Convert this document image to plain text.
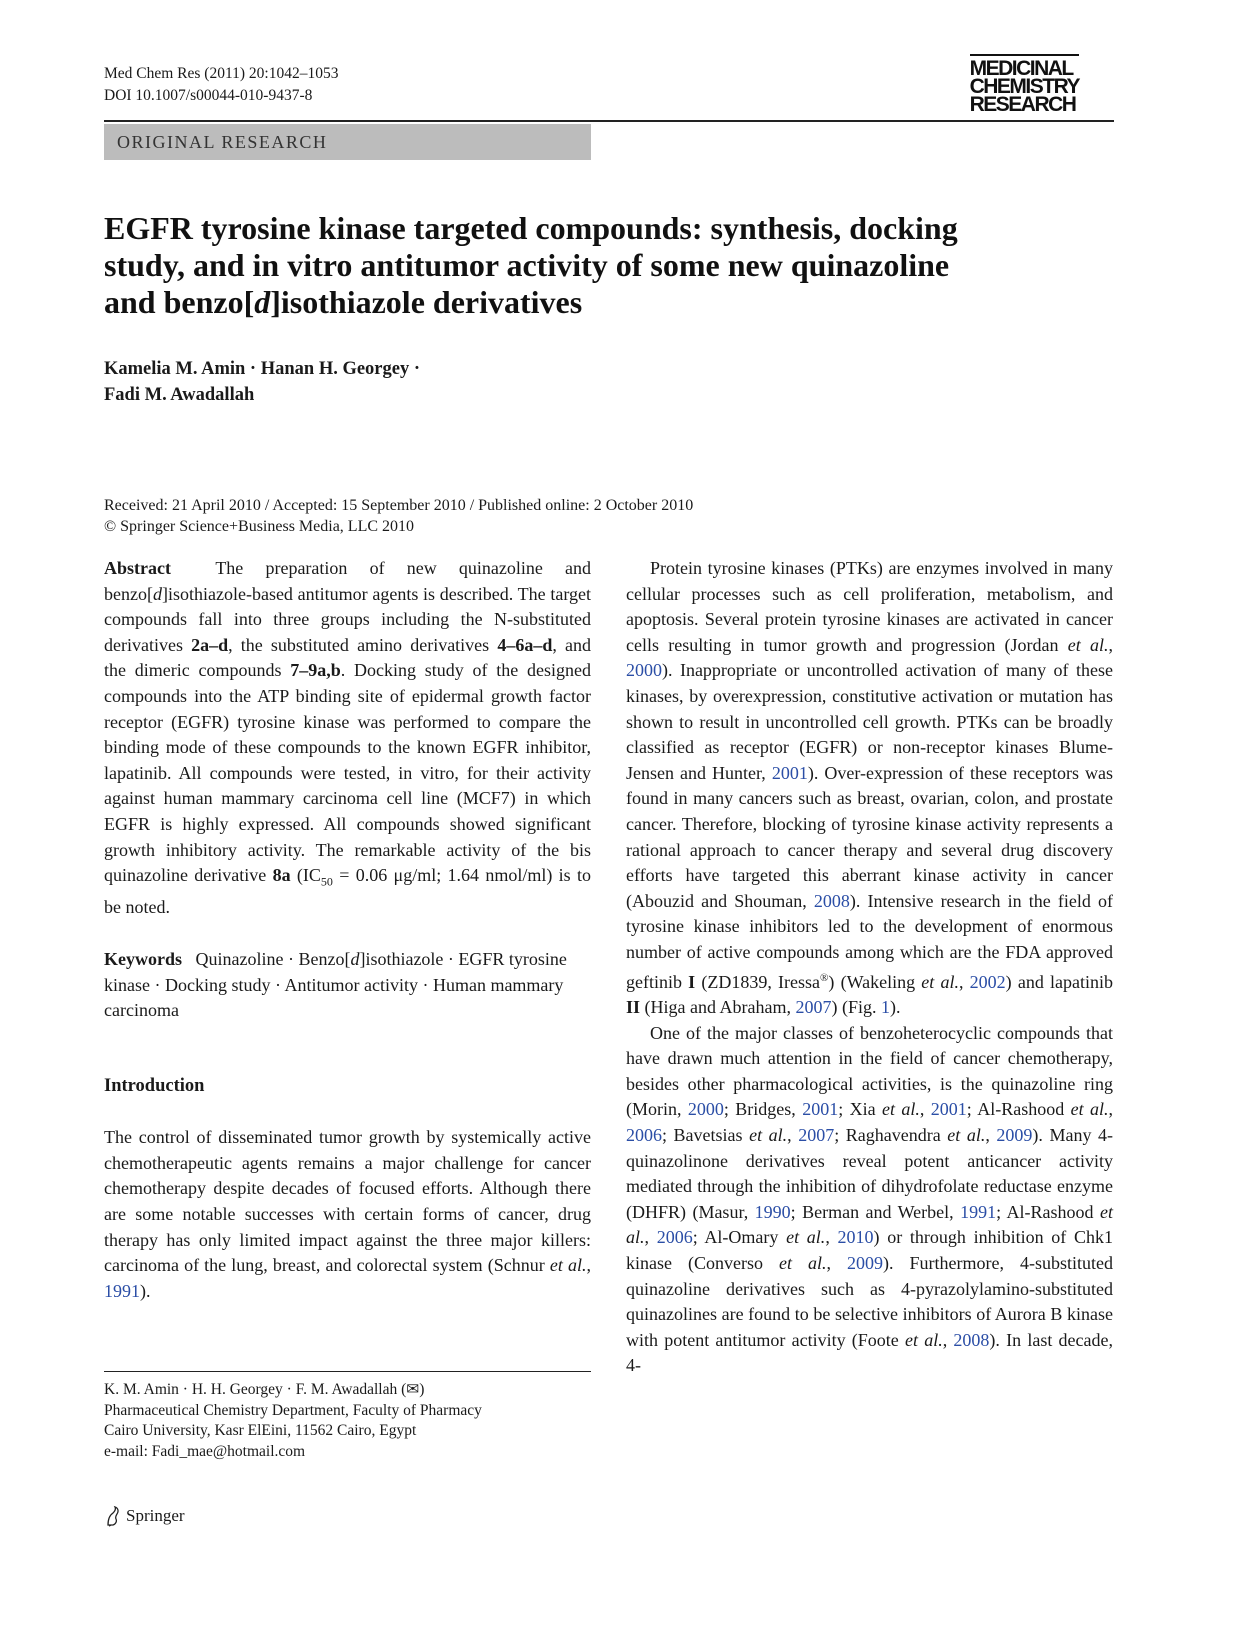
Med Chem Res (2011) 20:1042–1053
DOI 10.1007/s00044-010-9437-8
MEDICINAL
CHEMISTRY
RESEARCH
ORIGINAL RESEARCH
EGFR tyrosine kinase targeted compounds: synthesis, docking
study, and in vitro antitumor activity of some new quinazoline
and benzo[d]isothiazole derivatives
Kamelia M. Amin · Hanan H. Georgey ·
Fadi M. Awadallah
Received: 21 April 2010 / Accepted: 15 September 2010 / Published online: 2 October 2010
© Springer Science+Business Media, LLC 2010

Abstract The preparation of new quinazoline and benzo[d]isothiazole-based antitumor agents is described. The target compounds fall into three groups including the N-substituted derivatives 2a–d, the substituted amino derivatives 4–6a–d, and the dimeric compounds 7–9a,b. Docking study of the designed compounds into the ATP binding site of epidermal growth factor receptor (EGFR) tyrosine kinase was performed to compare the binding mode of these compounds to the known EGFR inhibitor, lapatinib. All compounds were tested, in vitro, for their activity against human mammary carcinoma cell line (MCF7) in which EGFR is highly expressed. All compounds showed significant growth inhibitory activity. The remarkable activity of the bis quinazoline derivative 8a ($IC_{50} = 0.06$ μg/ml; 1.64 nmol/ml) is to be noted.

Keywords Quinazoline · Benzo[d]isothiazole · EGFR tyrosine kinase · Docking study · Antitumor activity · Human mammary carcinoma

Introduction

The control of disseminated tumor growth by systemically active chemotherapeutic agents remains a major challenge for cancer chemotherapy despite decades of focused efforts. Although there are some notable successes with certain forms of cancer, drug therapy has only limited impact against the three major killers: carcinoma of the lung, breast, and colorectal system (Schnur et al., 1991).

K. M. Amin · H. H. Georgey · F. M. Awadallah (✉)
Pharmaceutical Chemistry Department, Faculty of Pharmacy
Cairo University, Kasr ElEini, 11562 Cairo, Egypt
e-mail: Fadi_mae@hotmail.com
Springer

Protein tyrosine kinases (PTKs) are enzymes involved in many cellular processes such as cell proliferation, metabolism, and apoptosis. Several protein tyrosine kinases are activated in cancer cells resulting in tumor growth and progression (Jordan et al., 2000). Inappropriate or uncontrolled activation of many of these kinases, by overexpression, constitutive activation or mutation has shown to result in uncontrolled cell growth. PTKs can be broadly classified as receptor (EGFR) or non-receptor kinases Blume-Jensen and Hunter, 2001). Over-expression of these receptors was found in many cancers such as breast, ovarian, colon, and prostate cancer. Therefore, blocking of tyrosine kinase activity represents a rational approach to cancer therapy and several drug discovery efforts have targeted this aberrant kinase activity in cancer (Abouzid and Shouman, 2008). Intensive research in the field of tyrosine kinase inhibitors led to the development of enormous number of active compounds among which are the FDA approved geftinib I (ZD1839, Iressa®) (Wakeling et al., 2002) and lapatinib II (Higa and Abraham, 2007) (Fig. 1).

One of the major classes of benzoheterocyclic compounds that have drawn much attention in the field of cancer chemotherapy, besides other pharmacological activities, is the quinazoline ring (Morin, 2000; Bridges, 2001; Xia et al., 2001; Al-Rashood et al., 2006; Bavetsias et al., 2007; Raghavendra et al., 2009). Many 4-quinazolinone derivatives reveal potent anticancer activity mediated through the inhibition of dihydrofolate reductase enzyme (DHFR) (Masur, 1990; Berman and Werbel, 1991; Al-Rashood et al., 2006; Al-Omary et al., 2010) or through inhibition of Chk1 kinase (Converso et al., 2009). Furthermore, 4-substituted quinazoline derivatives such as 4-pyrazolylamino-substituted quinazolines are found to be selective inhibitors of Aurora B kinase with potent antitumor activity (Foote et al., 2008). In last decade, 4-
